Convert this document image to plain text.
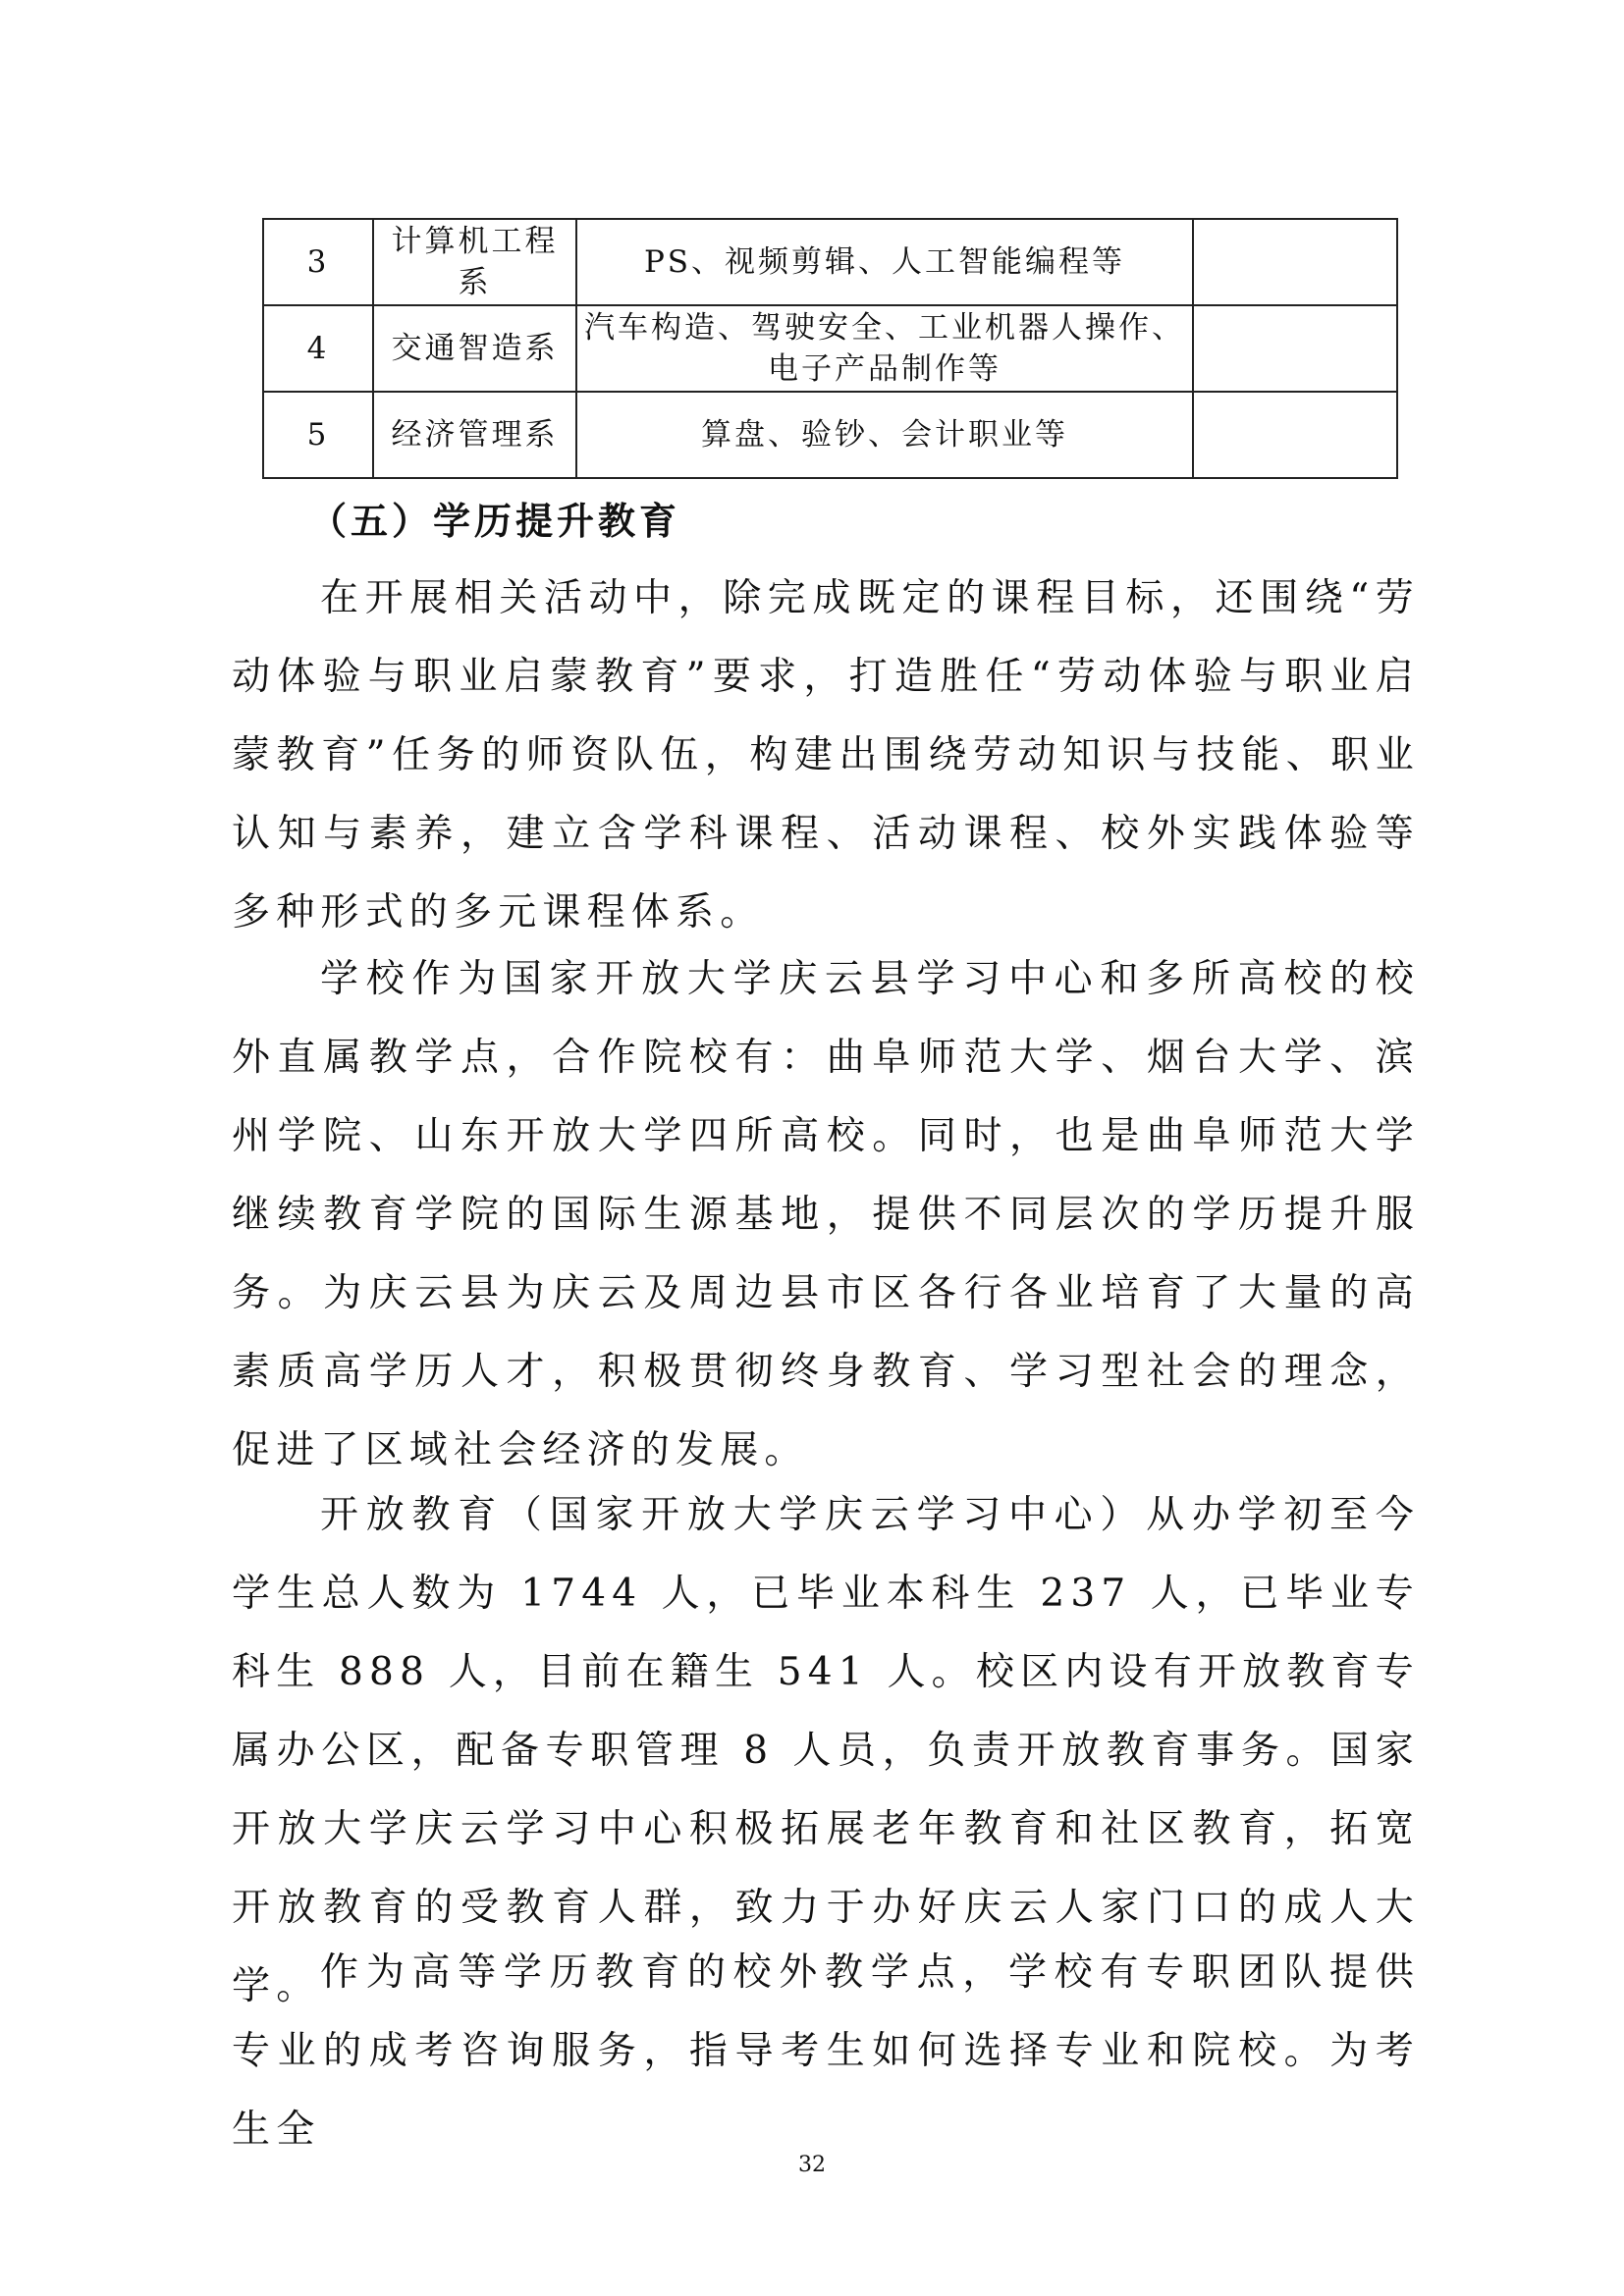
3	计算机工程系	PS、视频剪辑、人工智能编程等	
4	交通智造系	汽车构造、驾驶安全、工业机器人操作、电子产品制作等	
5	经济管理系	算盘、验钞、会计职业等	
（五）学历提升教育

在开展相关活动中，除完成既定的课程目标，还围绕“劳动体验与职业启蒙教育”要求，打造胜任“劳动体验与职业启蒙教育”任务的师资队伍，构建出围绕劳动知识与技能、职业认知与素养，建立含学科课程、活动课程、校外实践体验等多种形式的多元课程体系。

学校作为国家开放大学庆云县学习中心和多所高校的校外直属教学点，合作院校有：曲阜师范大学、烟台大学、滨州学院、山东开放大学四所高校。同时，也是曲阜师范大学继续教育学院的国际生源基地，提供不同层次的学历提升服务。为庆云县为庆云及周边县市区各行各业培育了大量的高素质高学历人才，积极贯彻终身教育、学习型社会的理念，促进了区域社会经济的发展。

开放教育（国家开放大学庆云学习中心）从办学初至今学生总人数为 1744 人，已毕业本科生 237 人，已毕业专科生 888 人，目前在籍生 541 人。校区内设有开放教育专属办公区，配备专职管理 8 人员，负责开放教育事务。国家开放大学庆云学习中心积极拓展老年教育和社区教育，拓宽开放教育的受教育人群，致力于办好庆云人家门口的成人大学。 作为高等学历教育的校外教学点，学校有专职团队提供专业的成考咨询服务，指导考生如何选择专业和院校。为考生全

32
